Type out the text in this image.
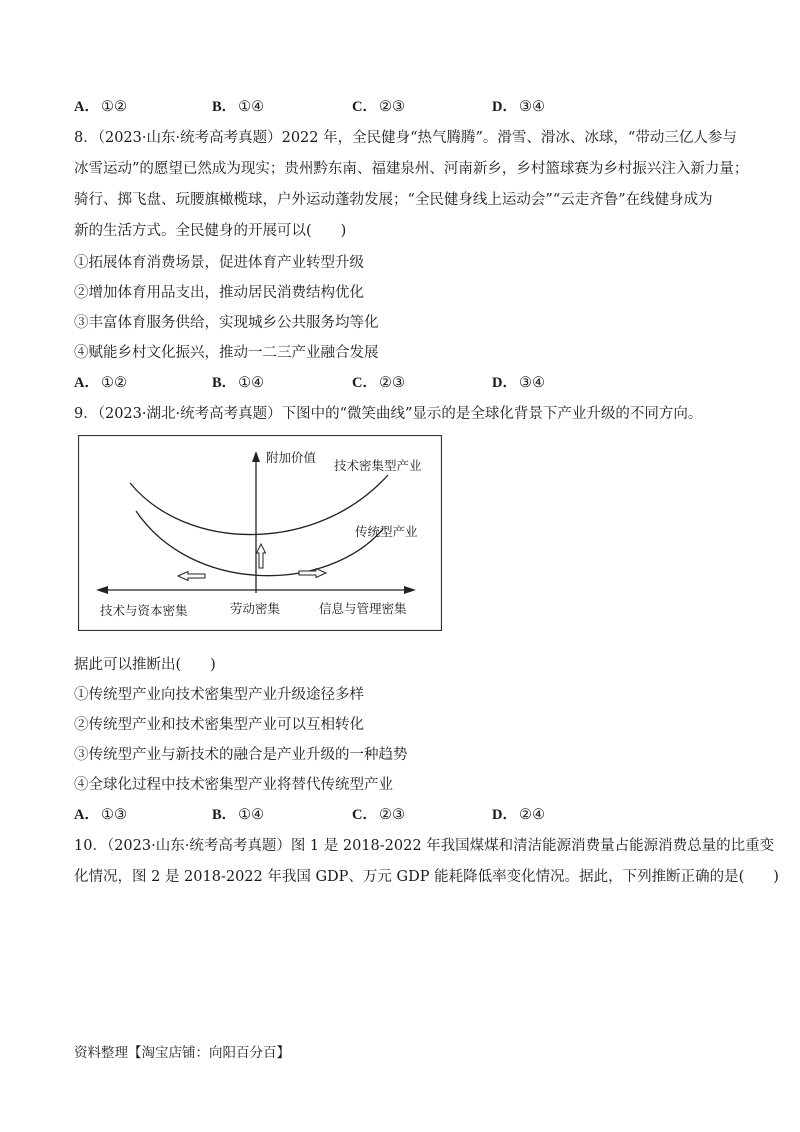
A． ①②	B． ①④	C． ②③	D． ③④
8．（2023·山东·统考高考真题）2022 年，全民健身“热气腾腾”。滑雪、滑冰、冰球，“带动三亿人参与
冰雪运动”的愿望已然成为现实；贵州黔东南、福建泉州、河南新乡，乡村篮球赛为乡村振兴注入新力量；
骑行、掷飞盘、玩腰旗橄榄球，户外运动蓬勃发展；“全民健身线上运动会”“云走齐鲁”在线健身成为
新的生活方式。全民健身的开展可以(　　)
①拓展体育消费场景，促进体育产业转型升级
②增加体育用品支出，推动居民消费结构优化
③丰富体育服务供给，实现城乡公共服务均等化
④赋能乡村文化振兴，推动一二三产业融合发展
A． ①②	B． ①④	C． ②③	D． ③④
9．（2023·湖北·统考高考真题）下图中的“微笑曲线”显示的是全球化背景下产业升级的不同方向。
附加价值
技术密集型产业
传统型产业
技术与资本密集	劳动密集	信息与管理密集
据此可以推断出(　　)
①传统型产业向技术密集型产业升级途径多样
②传统型产业和技术密集型产业可以互相转化
③传统型产业与新技术的融合是产业升级的一种趋势
④全球化过程中技术密集型产业将替代传统型产业
A． ①③	B． ①④	C． ②③	D． ②④
10．（2023·山东·统考高考真题）图 1 是 2018-2022 年我国煤煤和清洁能源消费量占能源消费总量的比重变
化情况，图 2 是 2018-2022 年我国 GDP、万元 GDP 能耗降低率变化情况。据此，下列推断正确的是(　　)
资料整理【淘宝店铺：向阳百分百】
